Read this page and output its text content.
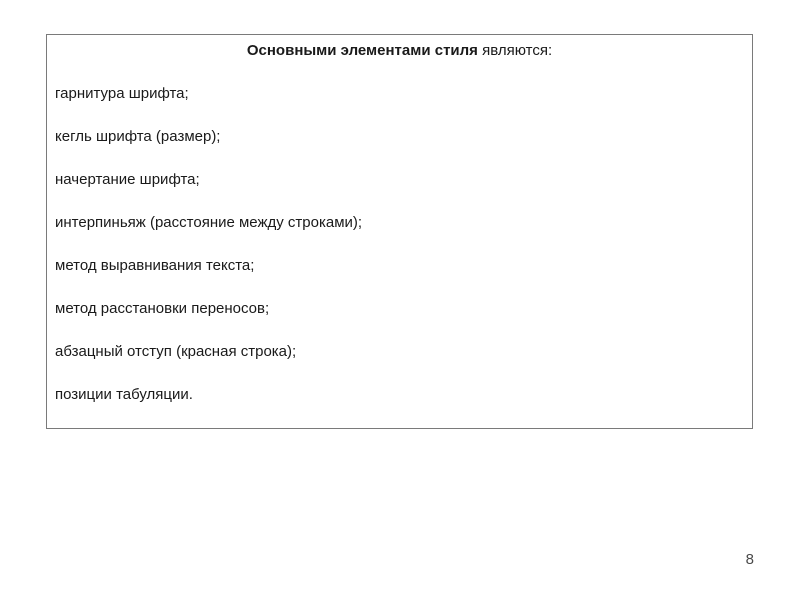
Основными элементами стиля являются:
гарнитура шрифта;
кегль шрифта (размер);
начертание шрифта;
интерпиньяж (расстояние между строками);
метод выравнивания текста;
метод расстановки переносов;
абзацный отступ (красная строка);
позиции табуляции.
8
